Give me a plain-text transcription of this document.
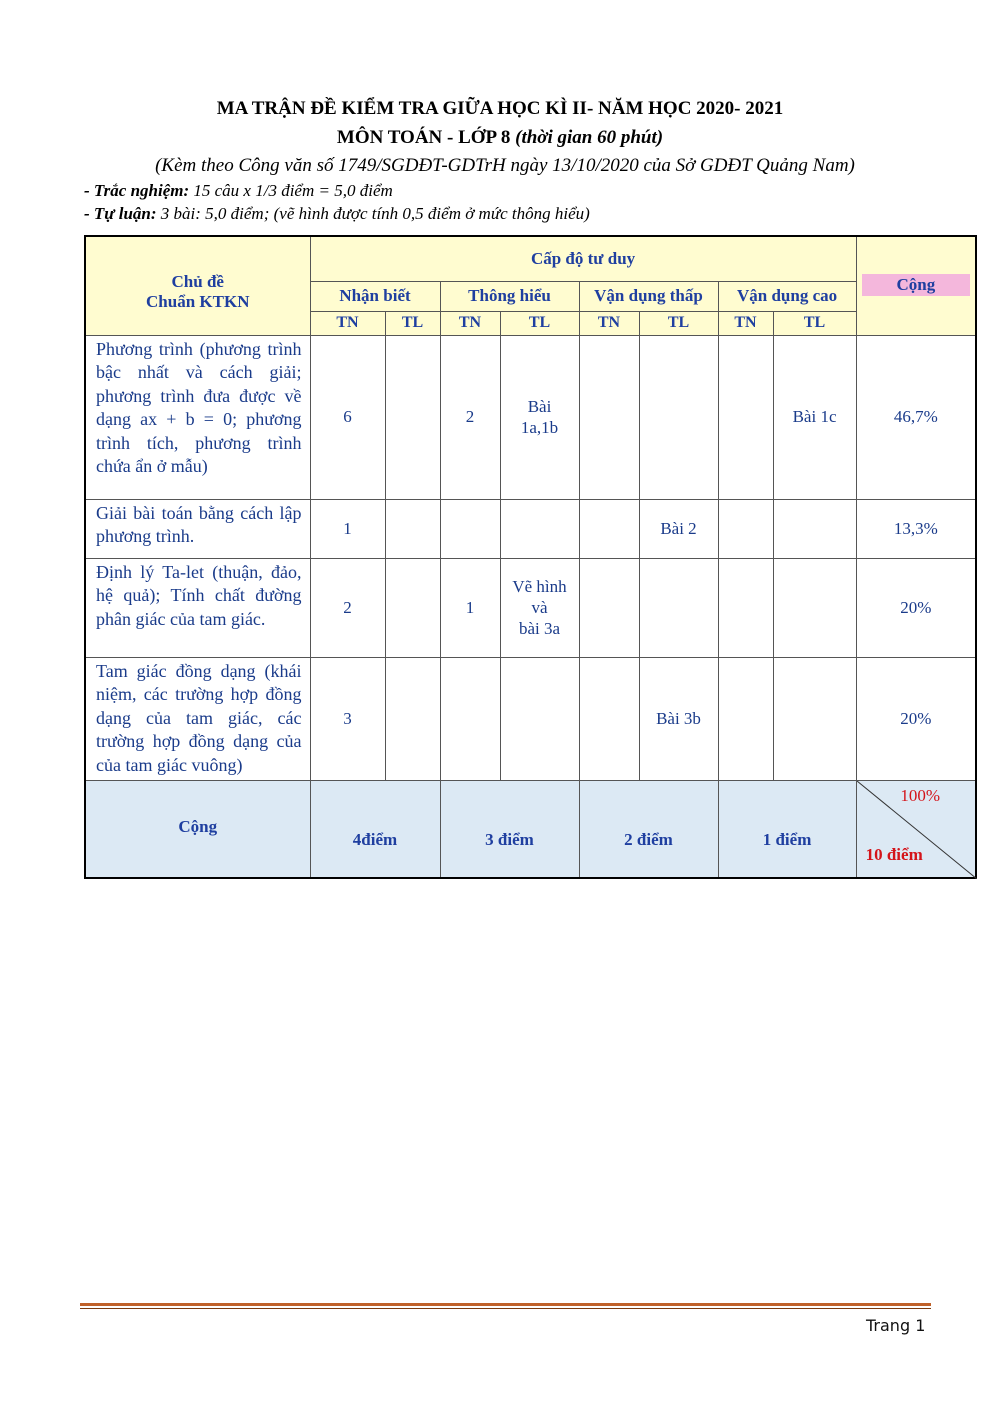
MA TRẬN ĐỀ KIỂM TRA GIỮA HỌC KÌ II- NĂM HỌC 2020- 2021
MÔN TOÁN - LỚP 8 (thời gian 60 phút)
(Kèm theo Công văn số 1749/SGDĐT-GDTrH ngày 13/10/2020 của Sở GDĐT Quảng Nam)
- Trắc nghiệm: 15 câu x 1/3 điểm = 5,0 điểm
- Tự luận: 3 bài: 5,0 điểm; (vẽ hình được tính 0,5 điểm ở mức thông hiểu)
Chủ đề
Chuẩn KTKN	Cấp độ tư duy								Cộng
	Nhận biết		Thông hiểu		Vận dụng thấp		Vận dụng cao		
	TN	TL	TN	TL	TN	TL	TN	TL	
Phương trình (phương trình bậc nhất và cách giải; phương trình đưa được về dạng ax + b = 0; phương trình tích, phương trình chứa ẩn ở mẫu)	6		2	Bài
1a,1b				Bài 1c	46,7%
Giải bài toán bằng cách lập phương trình.	1					Bài 2			13,3%
Định lý Ta-let (thuận, đảo, hệ quả); Tính chất đường phân giác của tam giác.	2		1	Vẽ hình
và
bài 3a					20%
Tam giác đồng dạng (khái niệm, các trường hợp đồng dạng của tam giác, các trường hợp đồng dạng của của tam giác vuông)	3					Bài 3b			20%
Cộng	4điểm		3 điểm		2 điểm		1 điểm		100%
10 điểm
Trang 1
